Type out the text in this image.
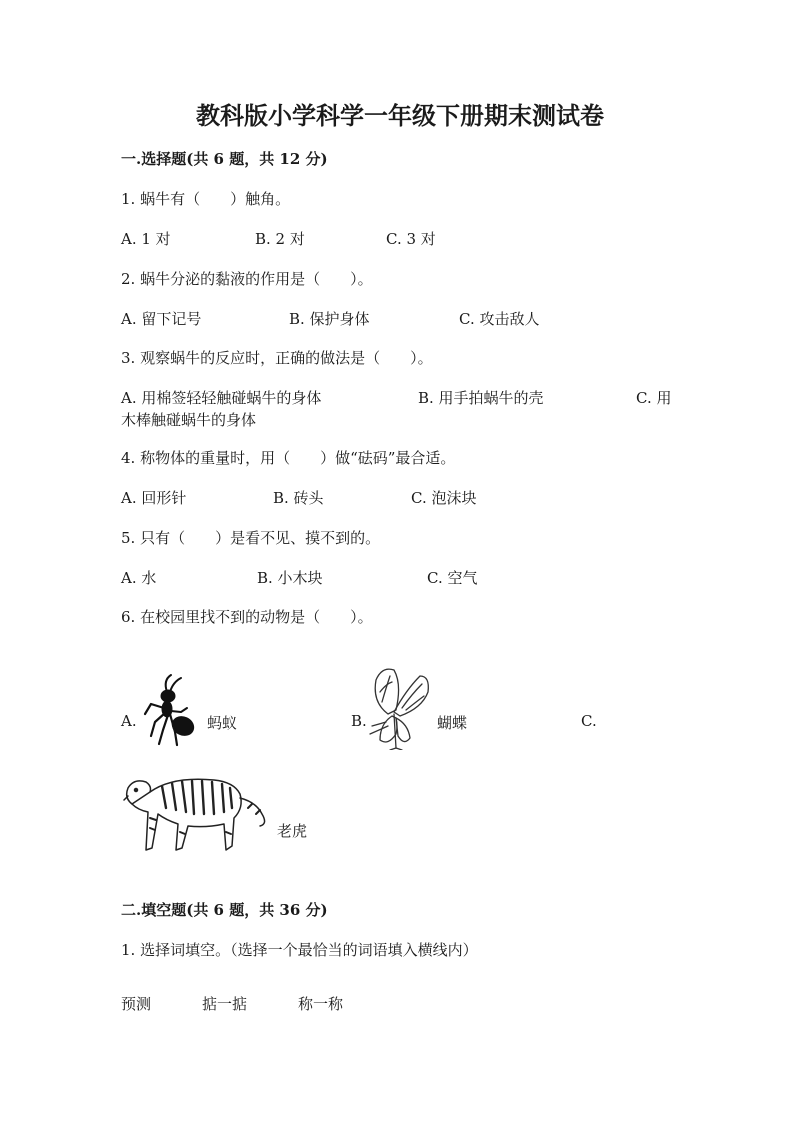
教科版小学科学一年级下册期末测试卷
一.选择题(共 6 题，共 12 分)
1. 蜗牛有（　　）触角。
A. 1 对	B. 2 对	C. 3 对
2. 蜗牛分泌的黏液的作用是（　　）。
A. 留下记号	B. 保护身体	C. 攻击敌人
3. 观察蜗牛的反应时，正确的做法是（　　）。
A. 用棉签轻轻触碰蜗牛的身体	B. 用手拍蜗牛的壳	C. 用
木棒触碰蜗牛的身体
4. 称物体的重量时，用（　　）做“砝码”最合适。
A. 回形针	B. 砖头	C. 泡沫块
5. 只有（　　）是看不见、摸不到的。
A. 水	B. 小木块	C. 空气
6. 在校园里找不到的动物是（　　）。
A.	蚂蚁	B.	蝴蝶	C.
老虎
二.填空题(共 6 题，共 36 分)
1. 选择词填空。（选择一个最恰当的词语填入横线内）
预测	掂一掂	称一称
